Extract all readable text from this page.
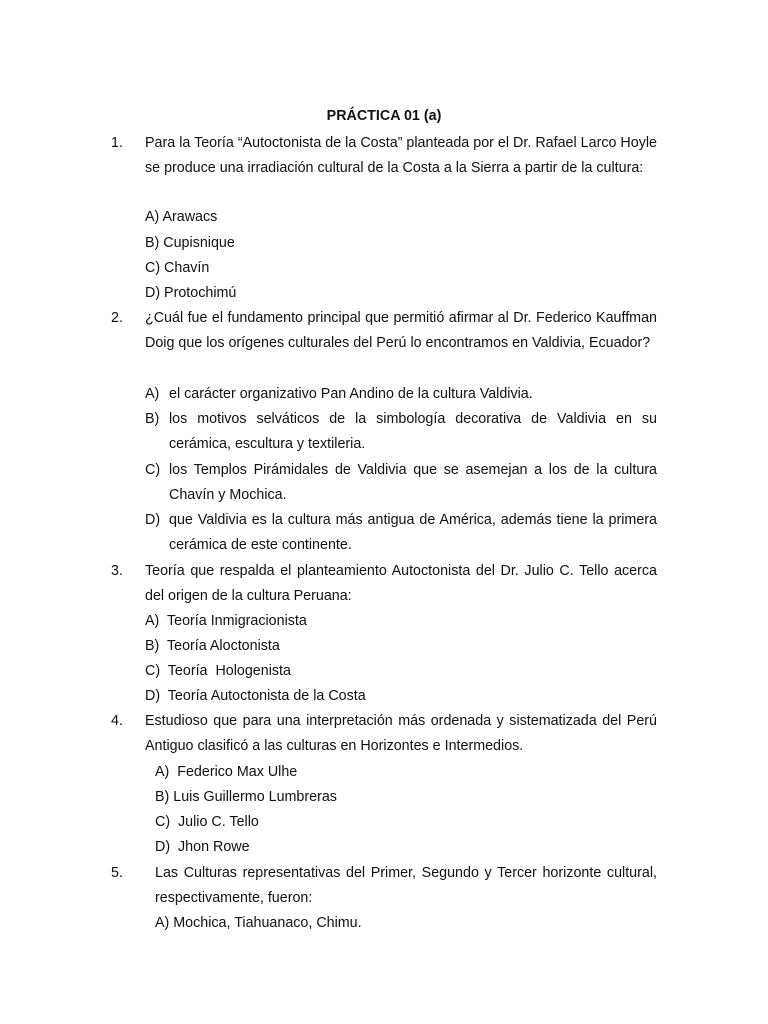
PRÁCTICA 01 (a)
1. Para la Teoría “Autoctonista de la Costa” planteada por el Dr. Rafael Larco Hoyle se produce una irradiación cultural de la Costa a la Sierra a partir de la cultura:
A) Arawacs
B) Cupisnique
C) Chavín
D) Protochimú
2. ¿Cuál fue el fundamento principal que permitió afirmar al Dr. Federico Kauffman Doig que los orígenes culturales del Perú lo encontramos en Valdivia, Ecuador?
A) el carácter organizativo Pan Andino de la cultura Valdivia.
B) los motivos selváticos de la simbología decorativa de Valdivia en su cerámica, escultura y textileria.
C) los Templos Pirámidales de Valdivia que se asemejan a los de la cultura Chavín y Mochica.
D) que Valdivia es la cultura más antigua de América, además tiene la primera cerámica de este continente.
3. Teoría que respalda el planteamiento Autoctonista del Dr. Julio C. Tello acerca del origen de la cultura Peruana:
A)  Teoría Inmigracionista
B)  Teoría Aloctonista
C)  Teoría  Hologenista
D)  Teoría Autoctonista de la Costa
4. Estudioso que para una interpretación más ordenada y sistematizada del Perú Antiguo clasificó a las culturas en Horizontes e Intermedios.
A)  Federico Max Ulhe
B) Luis Guillermo Lumbreras
C)  Julio C. Tello
D)  Jhon Rowe
5. Las Culturas representativas del Primer, Segundo y Tercer horizonte cultural, respectivamente, fueron:
A) Mochica, Tiahuanaco, Chimu.
